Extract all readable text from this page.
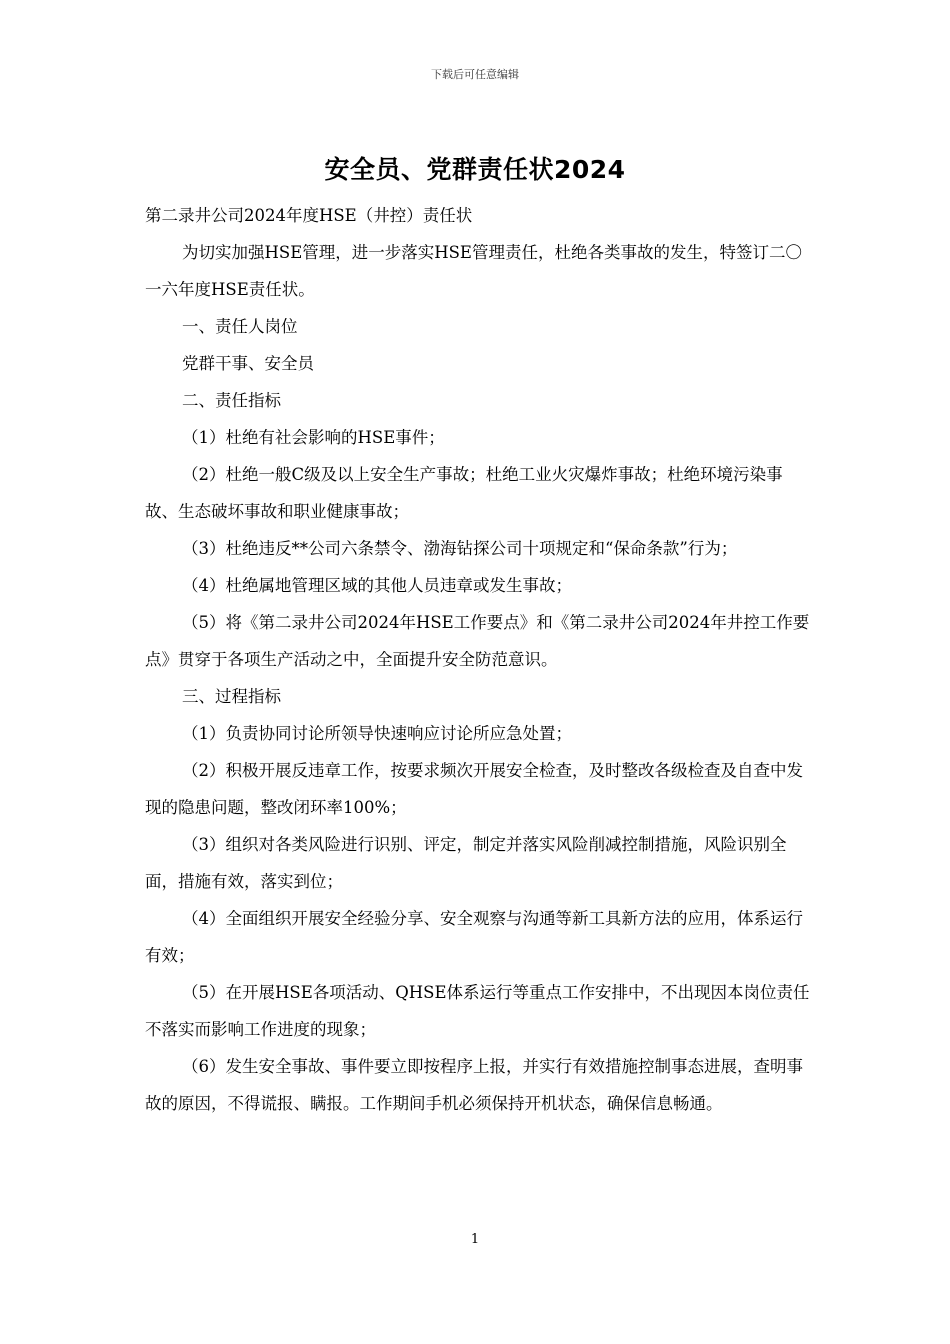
下载后可任意编辑
安全员、党群责任状2024

第二录井公司2024年度HSE（井控）责任状

为切实加强HSE管理，进一步落实HSE管理责任，杜绝各类事故的发生，特签订二〇一六年度HSE责任状。

一、责任人岗位

党群干事、安全员

二、责任指标

（1）杜绝有社会影响的HSE事件；

（2）杜绝一般C级及以上安全生产事故；杜绝工业火灾爆炸事故；杜绝环境污染事故、生态破坏事故和职业健康事故；

（3）杜绝违反**公司六条禁令、渤海钻探公司十项规定和“保命条款”行为；

（4）杜绝属地管理区域的其他人员违章或发生事故；

（5）将《第二录井公司2024年HSE工作要点》和《第二录井公司2024年井控工作要点》贯穿于各项生产活动之中，全面提升安全防范意识。

三、过程指标

（1）负责协同讨论所领导快速响应讨论所应急处置；

（2）积极开展反违章工作，按要求频次开展安全检查，及时整改各级检查及自查中发现的隐患问题，整改闭环率100%；

（3）组织对各类风险进行识别、评定，制定并落实风险削减控制措施，风险识别全面，措施有效，落实到位；

（4）全面组织开展安全经验分享、安全观察与沟通等新工具新方法的应用，体系运行有效；

（5）在开展HSE各项活动、QHSE体系运行等重点工作安排中，不出现因本岗位责任不落实而影响工作进度的现象；

（6）发生安全事故、事件要立即按程序上报，并实行有效措施控制事态进展，查明事故的原因，不得谎报、瞒报。工作期间手机必须保持开机状态，确保信息畅通。

1
